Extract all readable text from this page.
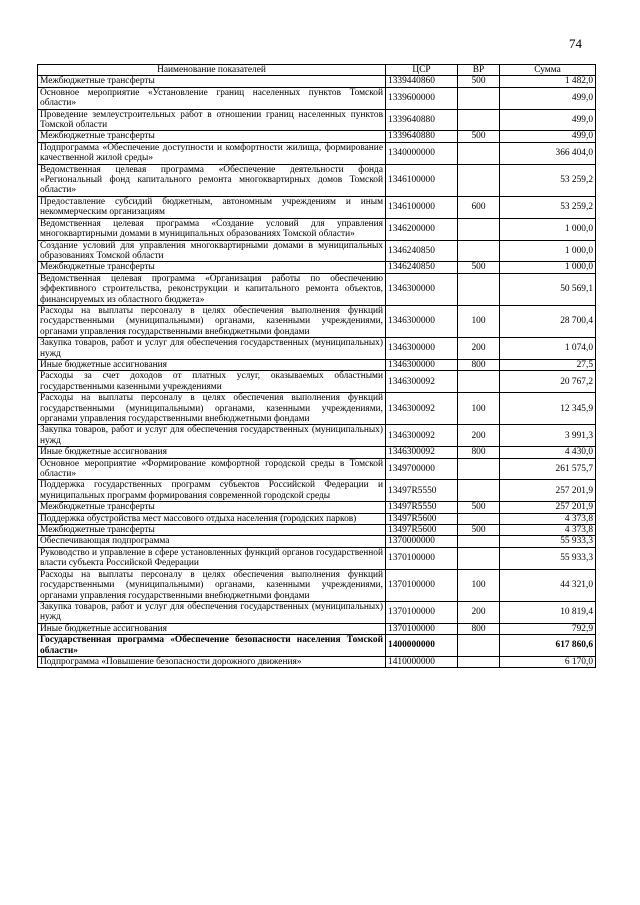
74
Наименование показателей	ЦСР	ВР	Сумма
Межбюджетные трансферты	1339440860	500	1 482,0
Основное мероприятие «Установление границ населенных пунктов Томской области»	1339600000		499,0
Проведение землеустроительных работ в отношении границ населенных пунктов Томской области	1339640880		499,0
Межбюджетные трансферты	1339640880	500	499,0
Подпрограмма «Обеспечение доступности и комфортности жилища, формирование качественной жилой среды»	1340000000		366 404,0
Ведомственная целевая программа «Обеспечение деятельности фонда «Региональный фонд капитального ремонта многоквартирных домов Томской области»	1346100000		53 259,2
Предоставление субсидий бюджетным, автономным учреждениям и иным некоммерческим организациям	1346100000	600	53 259,2
Ведомственная целевая программа «Создание условий для управления многоквартирными домами в муниципальных образованиях Томской области»	1346200000		1 000,0
Создание условий для управления многоквартирными домами в муниципальных образованиях Томской области	1346240850		1 000,0
Межбюджетные трансферты	1346240850	500	1 000,0
Ведомственная целевая программа «Организация работы по обеспечению эффективного строительства, реконструкции и капитального ремонта объектов, финансируемых из областного бюджета»	1346300000		50 569,1
Расходы на выплаты персоналу в целях обеспечения выполнения функций государственными (муниципальными) органами, казенными учреждениями, органами управления государственными внебюджетными фондами	1346300000	100	28 700,4
Закупка товаров, работ и услуг для обеспечения государственных (муниципальных) нужд	1346300000	200	1 074,0
Иные бюджетные ассигнования	1346300000	800	27,5
Расходы за счет доходов от платных услуг, оказываемых областными государственными казенными учреждениями	1346300092		20 767,2
Расходы на выплаты персоналу в целях обеспечения выполнения функций государственными (муниципальными) органами, казенными учреждениями, органами управления государственными внебюджетными фондами	1346300092	100	12 345,9
Закупка товаров, работ и услуг для обеспечения государственных (муниципальных) нужд	1346300092	200	3 991,3
Иные бюджетные ассигнования	1346300092	800	4 430,0
Основное мероприятие «Формирование комфортной городской среды в Томской области»	1349700000		261 575,7
Поддержка государственных программ субъектов Российской Федерации и муниципальных программ формирования современной городской среды	13497R5550		257 201,9
Межбюджетные трансферты	13497R5550	500	257 201,9
Поддержка обустройства мест массового отдыха населения (городских парков)	13497R5600		4 373,8
Межбюджетные трансферты	13497R5600	500	4 373,8
Обеспечивающая подпрограмма	1370000000		55 933,3
Руководство и управление в сфере установленных функций органов государственной власти субъекта Российской Федерации	1370100000		55 933,3
Расходы на выплаты персоналу в целях обеспечения выполнения функций государственными (муниципальными) органами, казенными учреждениями, органами управления государственными внебюджетными фондами	1370100000	100	44 321,0
Закупка товаров, работ и услуг для обеспечения государственных (муниципальных) нужд	1370100000	200	10 819,4
Иные бюджетные ассигнования	1370100000	800	792,9
Государственная программа «Обеспечение безопасности населения Томской области»	1400000000		617 860,6
Подпрограмма «Повышение безопасности дорожного движения»	1410000000		6 170,0
